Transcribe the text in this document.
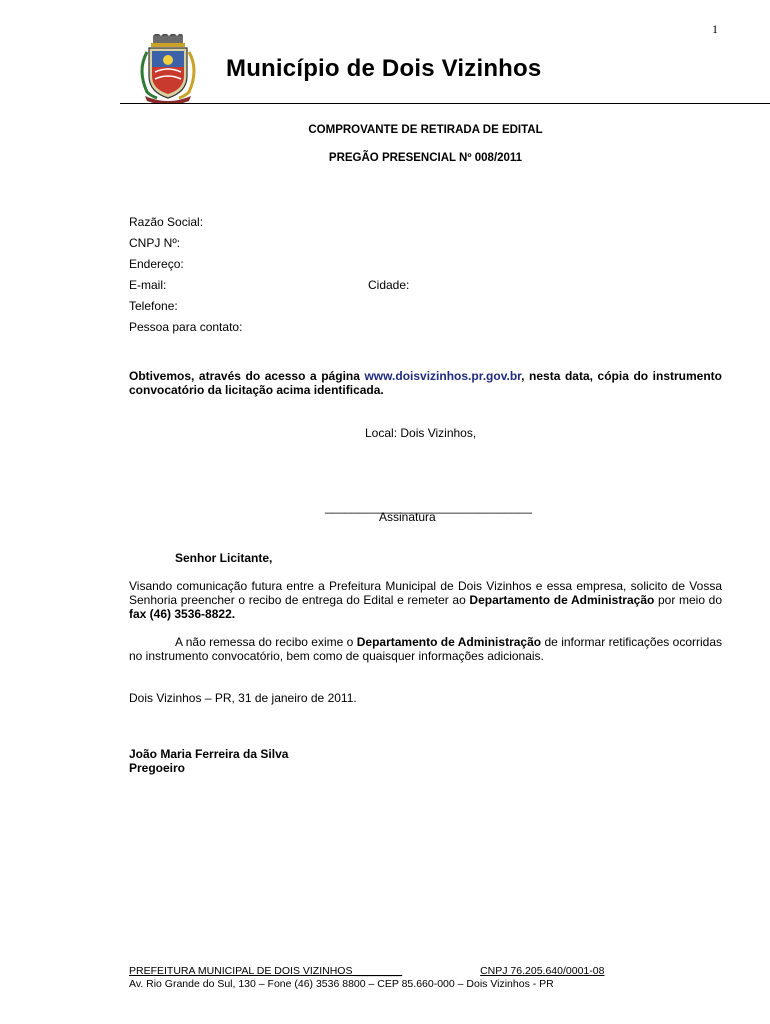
1
Município de Dois Vizinhos
COMPROVANTE DE RETIRADA DE EDITAL
PREGÃO PRESENCIAL Nº 008/2011
Razão Social:
CNPJ Nº:
Endereço:
E-mail:	Cidade:
Telefone:
Pessoa para contato:
Obtivemos, através do acesso a página www.doisvizinhos.pr.gov.br, nesta data, cópia do instrumento convocatório da licitação acima identificada.
Local: Dois Vizinhos,
_______________________________
Assinatura
Senhor Licitante,
Visando comunicação futura entre a Prefeitura Municipal de Dois Vizinhos e essa empresa, solicito de Vossa Senhoria preencher o recibo de entrega do Edital e remeter ao Departamento de Administração por meio do fax (46) 3536-8822.
A não remessa do recibo exime o Departamento de Administração de informar retificações ocorridas no instrumento convocatório, bem como de quaisquer informações adicionais.
Dois Vizinhos – PR, 31 de janeiro de 2011.
João Maria Ferreira da Silva
Pregoeiro
PREFEITURA MUNICIPAL DE DOIS VIZINHOS ________	CNPJ 76.205.640/0001-08
Av. Rio Grande do Sul, 130 – Fone (46) 3536 8800 – CEP 85.660-000 – Dois Vizinhos - PR
